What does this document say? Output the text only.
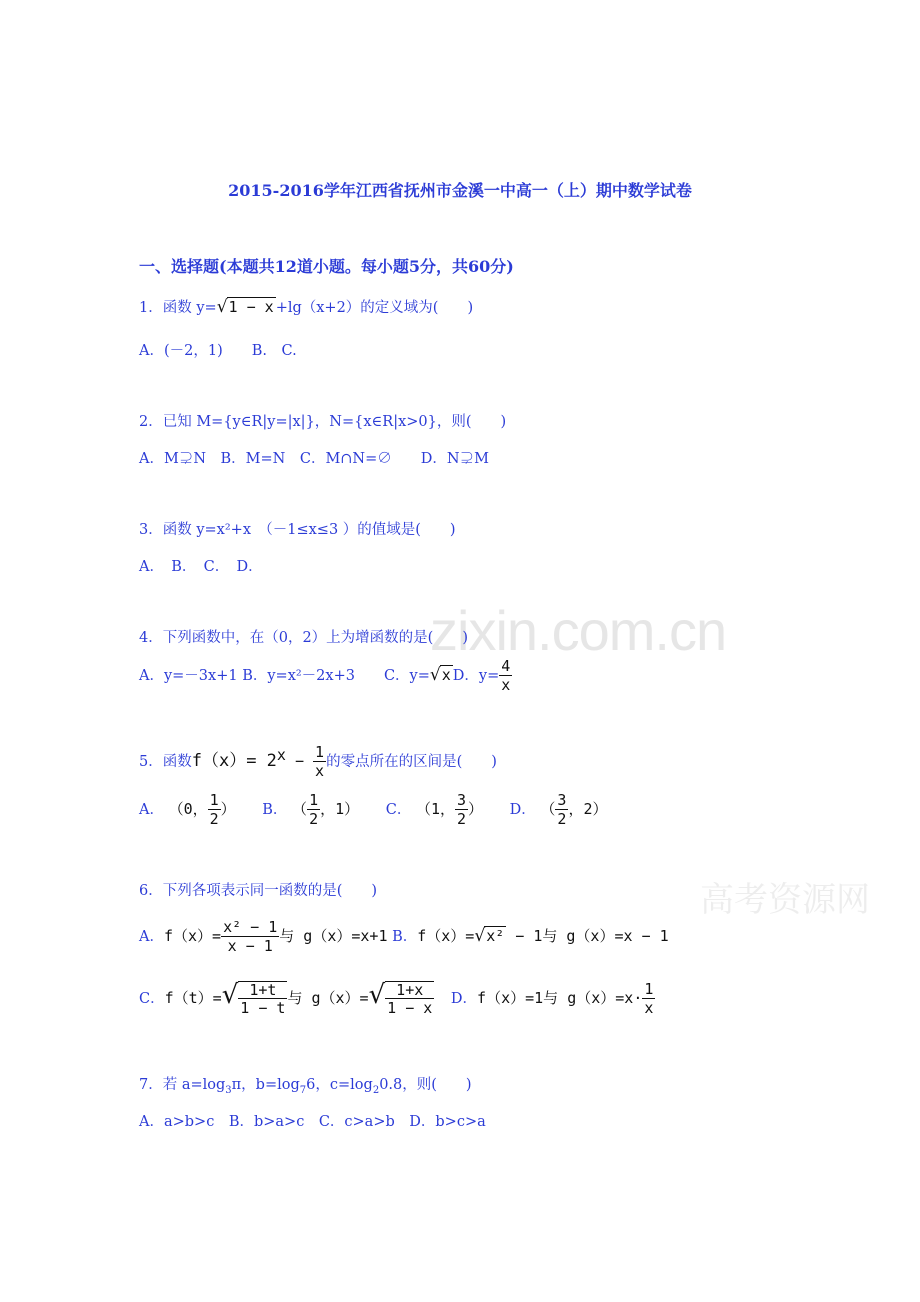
zixin.com.cn
高考资源网
2015-2016学年江西省抚州市金溪一中高一（上）期中数学试卷
一、选择题(本题共12道小题。每小题5分，共60分)
1．函数 y=√1 − x +lg（x+2）的定义域为(　　)
A．(－2，1)　　B.　C.
2．已知 M={y∈R|y=|x|}，N={x∈R|x>0}，则(　　)
A．M⊋N　B．M=N　C．M∩N=∅　　D．N⊋M
3．函数 y=x²+x　（－1≤x≤3 ）的值域是(　　)
A．　B．　C．　D．
4．下列函数中，在（0，2）上为增函数的是(　　)
A．y=－3x+1 B．y=x²－2x+3　　C．y=√x D．$y= \frac{4}{x}$
5．函数$f(x)= 2^x - \frac{1}{x}$ 的零点所在的区间是(　　)
A． （0， $\frac{1}{2}$ ） B． （ $\frac{1}{2}$ ，1） C． （1， $\frac{3}{2}$ ） D． （ $\frac{3}{2}$ ，2）
6．下列各项表示同一函数的是(　　)
A．$f(x)= \frac{\text{x² − 1}}{x - 1}$ 与 g（x）=x+1 B．f（x）=√x² − 1与 g（x）=x − 1
C．$f(t)=√ \frac{1+t}{1 - t}$ 与 $g(x)=√ \frac{1+x}{1 - x}$ D．f（x）=1与 $g(x)=x\cdot \frac{1}{x}$
7．若 $a=\log_3\pi$，$b=\log_76$，$c=\log_20.8$，则(　　)
A．a>b>c　B．b>a>c　C．c>a>b　D．b>c>a
